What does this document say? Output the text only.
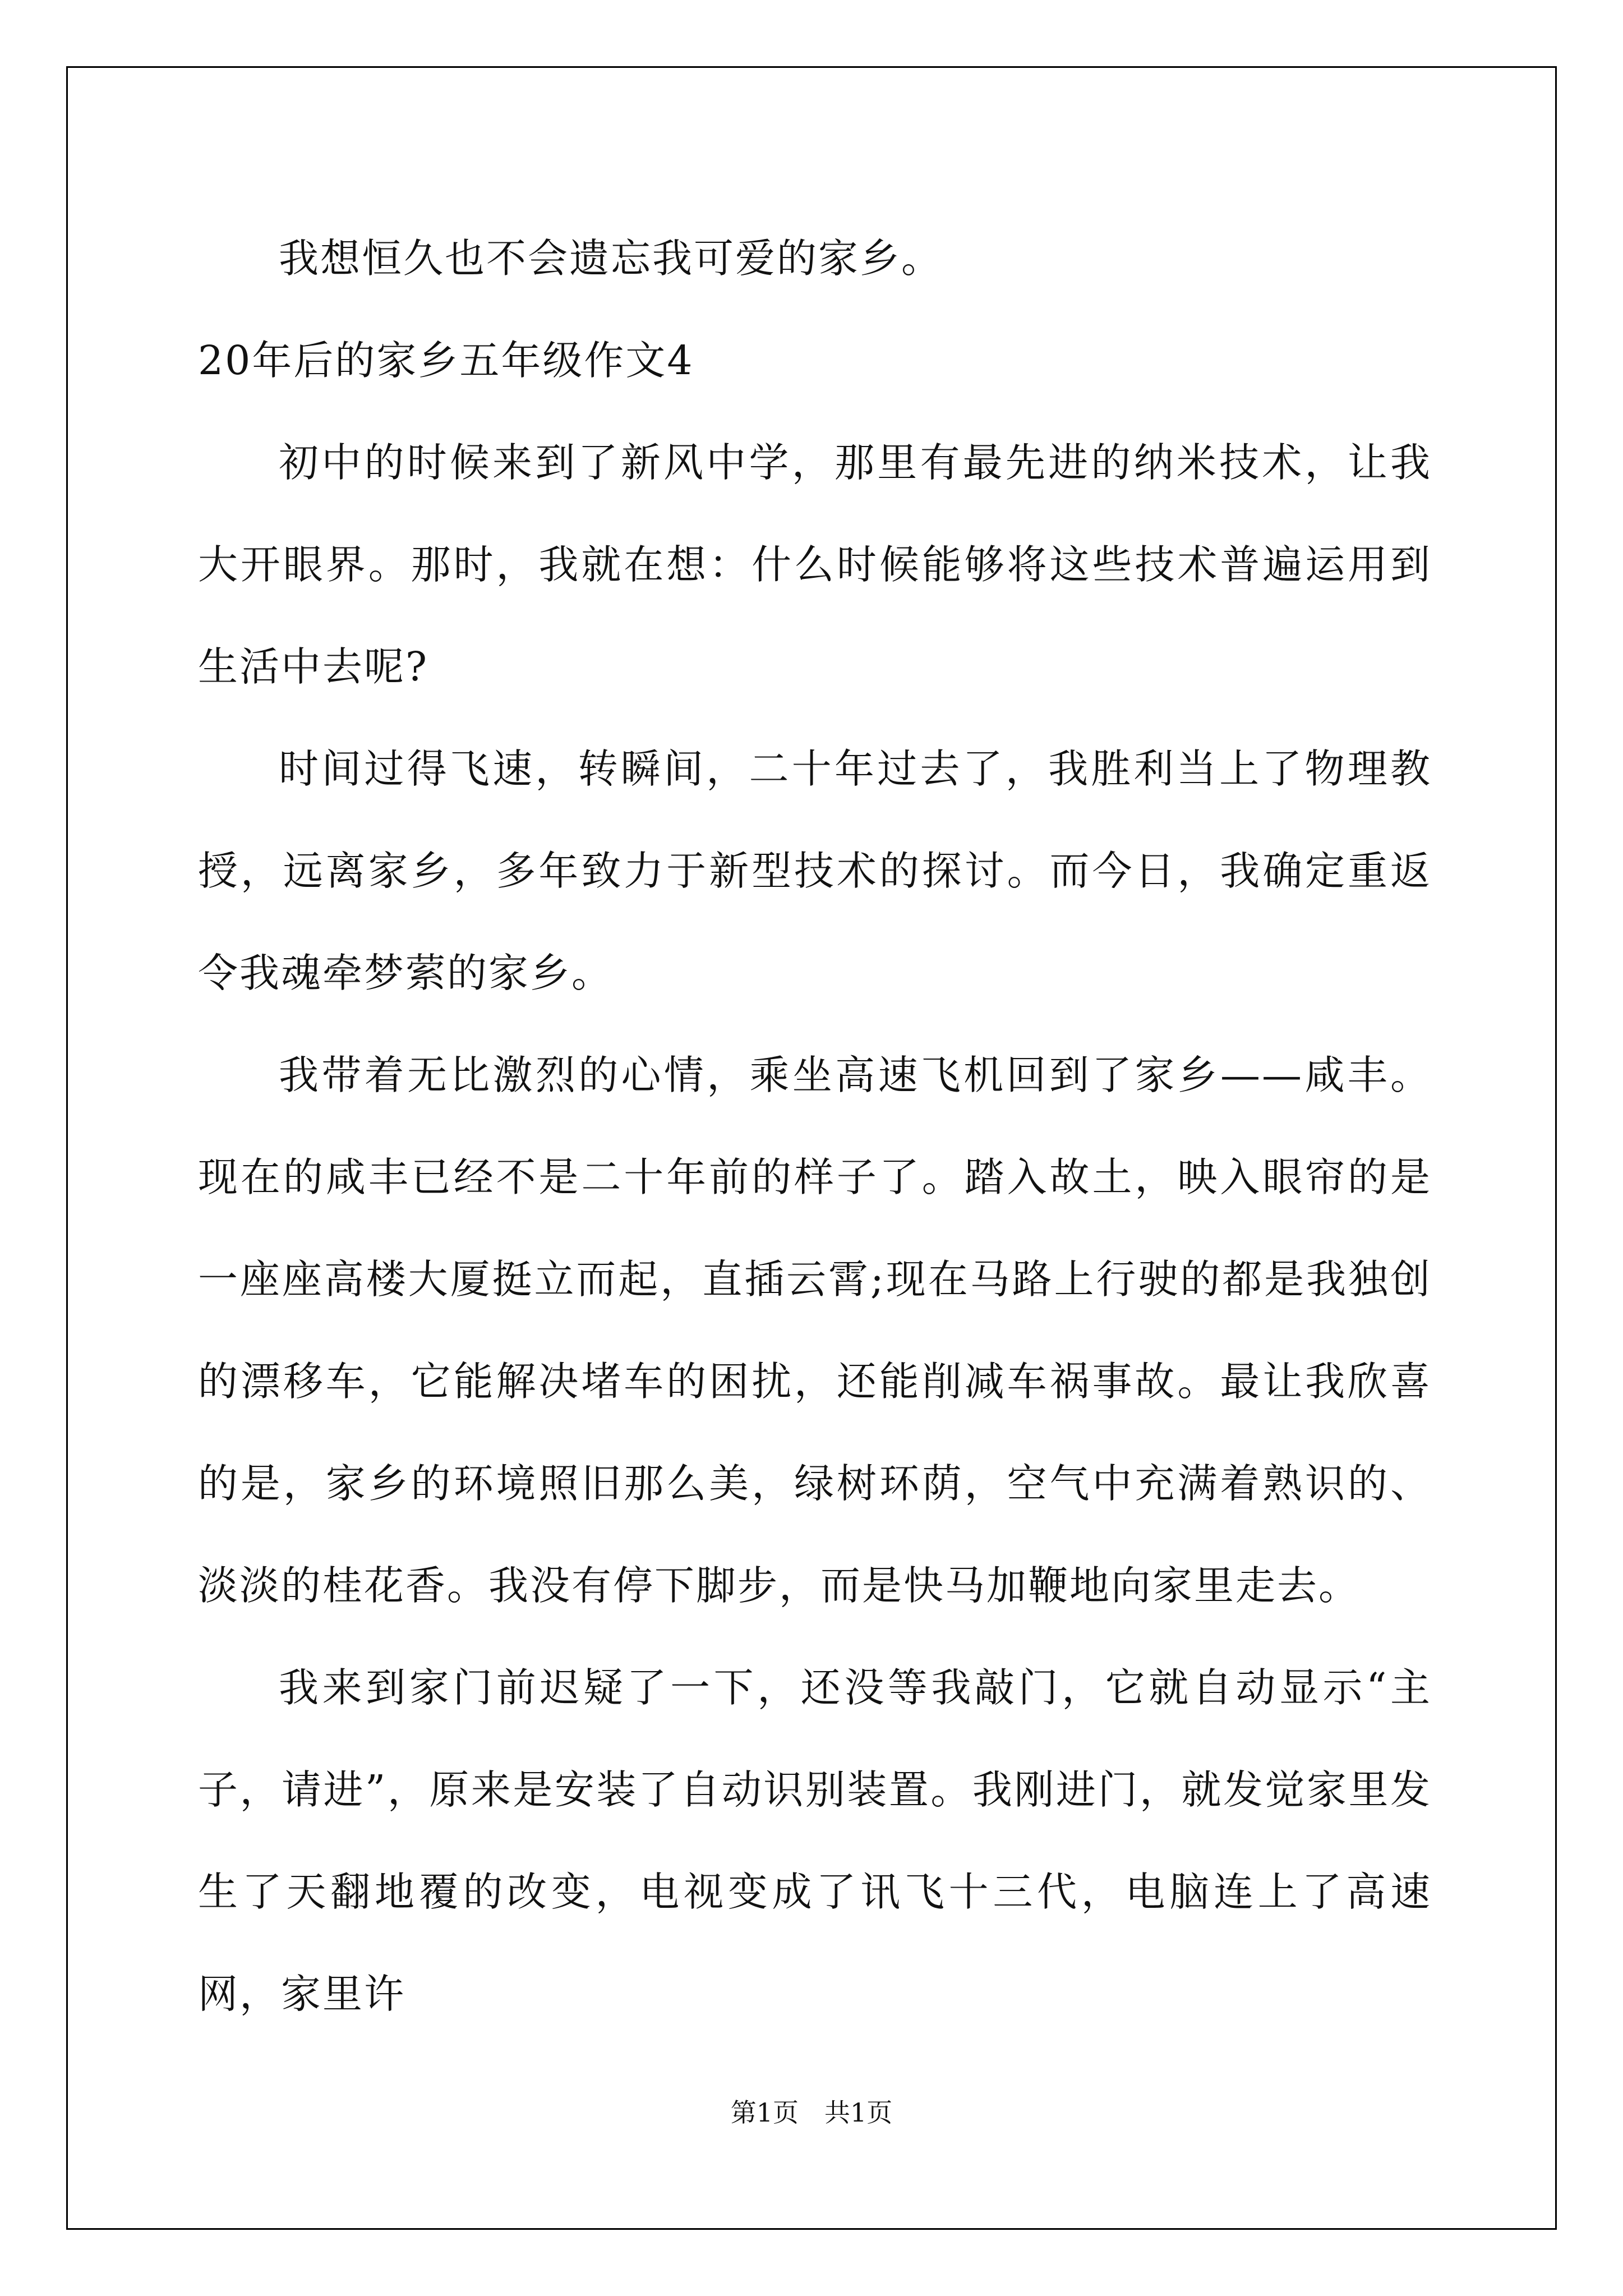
我想恒久也不会遗忘我可爱的家乡。

20年后的家乡五年级作文4

初中的时候来到了新风中学，那里有最先进的纳米技术，让我大开眼界。那时，我就在想：什么时候能够将这些技术普遍运用到生活中去呢?

时间过得飞速，转瞬间，二十年过去了，我胜利当上了物理教授，远离家乡，多年致力于新型技术的探讨。而今日，我确定重返令我魂牵梦萦的家乡。

我带着无比激烈的心情，乘坐高速飞机回到了家乡——咸丰。现在的咸丰已经不是二十年前的样子了。踏入故土，映入眼帘的是一座座高楼大厦挺立而起，直插云霄;现在马路上行驶的都是我独创的漂移车，它能解决堵车的困扰，还能削减车祸事故。最让我欣喜的是，家乡的环境照旧那么美，绿树环荫，空气中充满着熟识的、淡淡的桂花香。我没有停下脚步，而是快马加鞭地向家里走去。

我来到家门前迟疑了一下，还没等我敲门，它就自动显示“主子，请进”，原来是安装了自动识别装置。我刚进门，就发觉家里发生了天翻地覆的改变，电视变成了讯飞十三代，电脑连上了高速网，家里许

第1页　共1页
